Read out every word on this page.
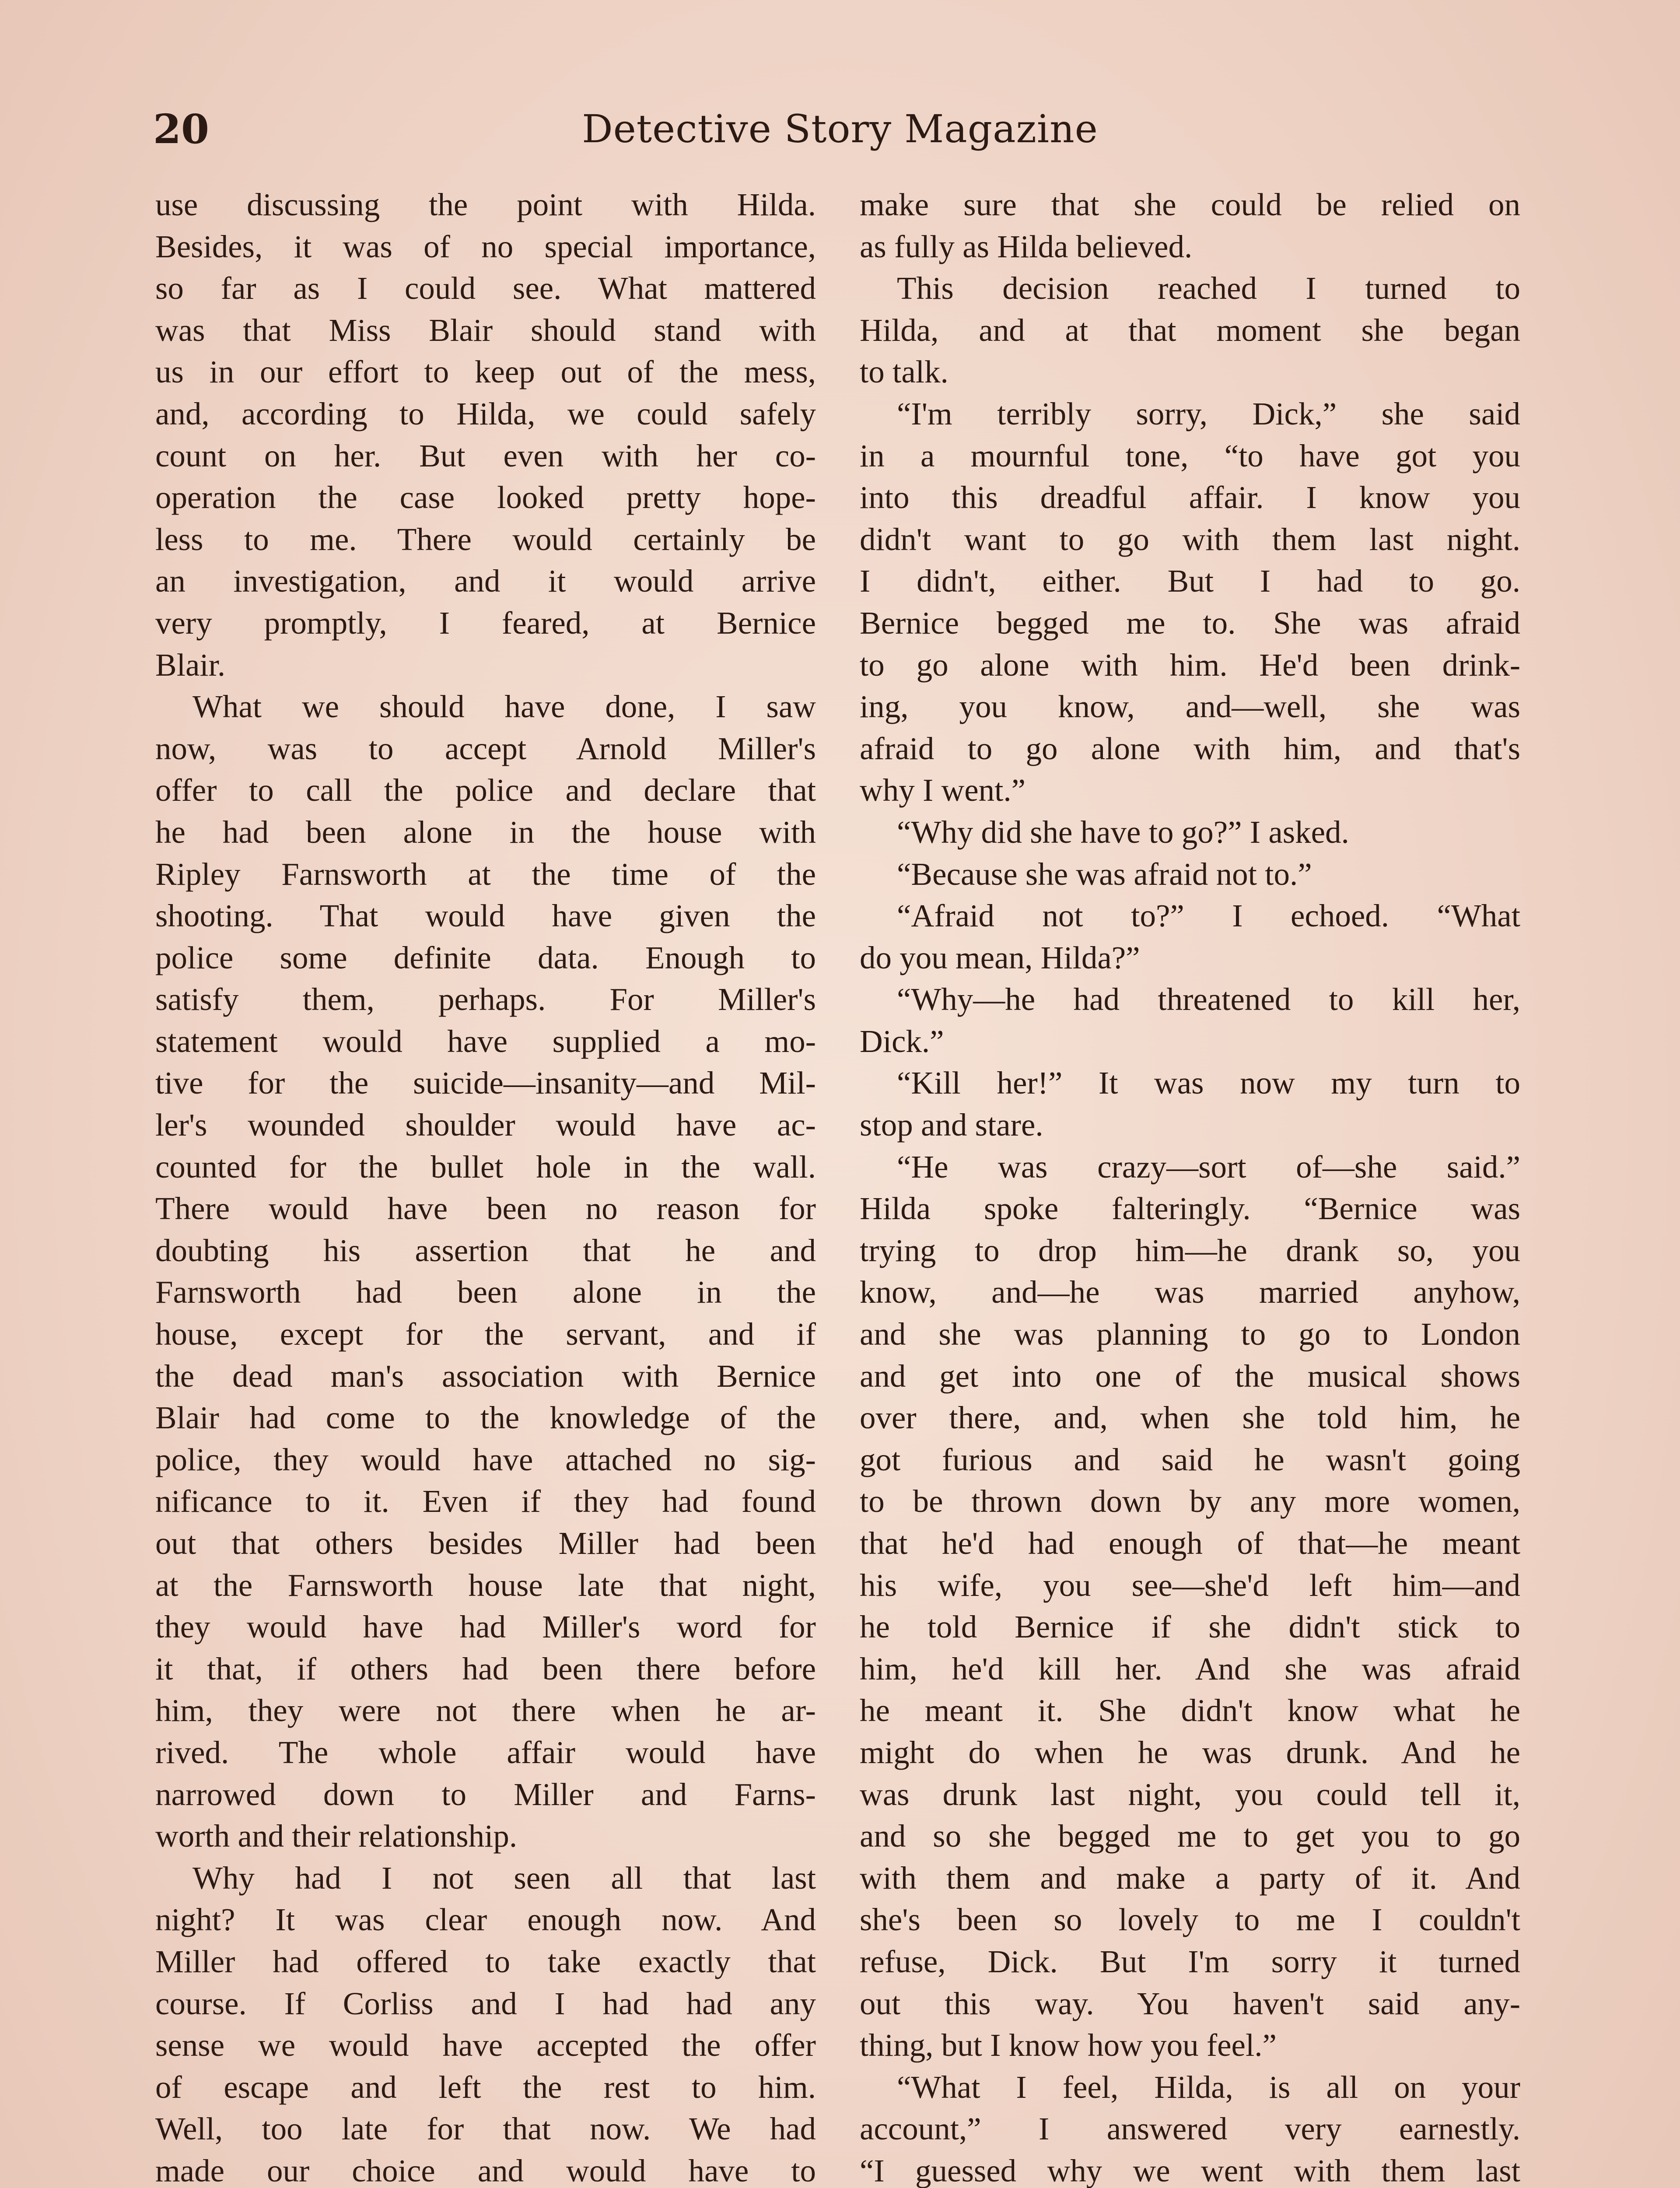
20	Detective Story Magazine
use discussing the point with Hilda.
Besides, it was of no special importance,
so far as I could see. What mattered
was that Miss Blair should stand with
us in our effort to keep out of the mess,
and, according to Hilda, we could safely
count on her. But even with her co-
operation the case looked pretty hope-
less to me. There would certainly be
an investigation, and it would arrive
very promptly, I feared, at Bernice
Blair.
What we should have done, I saw
now, was to accept Arnold Miller's
offer to call the police and declare that
he had been alone in the house with
Ripley Farnsworth at the time of the
shooting. That would have given the
police some definite data. Enough to
satisfy them, perhaps. For Miller's
statement would have supplied a mo-
tive for the suicide—insanity—and Mil-
ler's wounded shoulder would have ac-
counted for the bullet hole in the wall.
There would have been no reason for
doubting his assertion that he and
Farnsworth had been alone in the
house, except for the servant, and if
the dead man's association with Bernice
Blair had come to the knowledge of the
police, they would have attached no sig-
nificance to it. Even if they had found
out that others besides Miller had been
at the Farnsworth house late that night,
they would have had Miller's word for
it that, if others had been there before
him, they were not there when he ar-
rived. The whole affair would have
narrowed down to Miller and Farns-
worth and their relationship.
Why had I not seen all that last
night? It was clear enough now. And
Miller had offered to take exactly that
course. If Corliss and I had had any
sense we would have accepted the offer
of escape and left the rest to him.
Well, too late for that now. We had
made our choice and would have to
make sure that she could be relied on
as fully as Hilda believed.
This decision reached I turned to
Hilda, and at that moment she began
to talk.
“I'm terribly sorry, Dick,” she said
in a mournful tone, “to have got you
into this dreadful affair. I know you
didn't want to go with them last night.
I didn't, either. But I had to go.
Bernice begged me to. She was afraid
to go alone with him. He'd been drink-
ing, you know, and—well, she was
afraid to go alone with him, and that's
why I went.”
“Why did she have to go?” I asked.
“Because she was afraid not to.”
“Afraid not to?” I echoed. “What
do you mean, Hilda?”
“Why—he had threatened to kill her,
Dick.”
“Kill her!” It was now my turn to
stop and stare.
“He was crazy—sort of—she said.”
Hilda spoke falteringly. “Bernice was
trying to drop him—he drank so, you
know, and—he was married anyhow,
and she was planning to go to London
and get into one of the musical shows
over there, and, when she told him, he
got furious and said he wasn't going
to be thrown down by any more women,
that he'd had enough of that—he meant
his wife, you see—she'd left him—and
he told Bernice if she didn't stick to
him, he'd kill her. And she was afraid
he meant it. She didn't know what he
might do when he was drunk. And he
was drunk last night, you could tell it,
and so she begged me to get you to go
with them and make a party of it. And
she's been so lovely to me I couldn't
refuse, Dick. But I'm sorry it turned
out this way. You haven't said any-
thing, but I know how you feel.”
“What I feel, Hilda, is all on your
account,” I answered very earnestly.
“I guessed why we went with them last
